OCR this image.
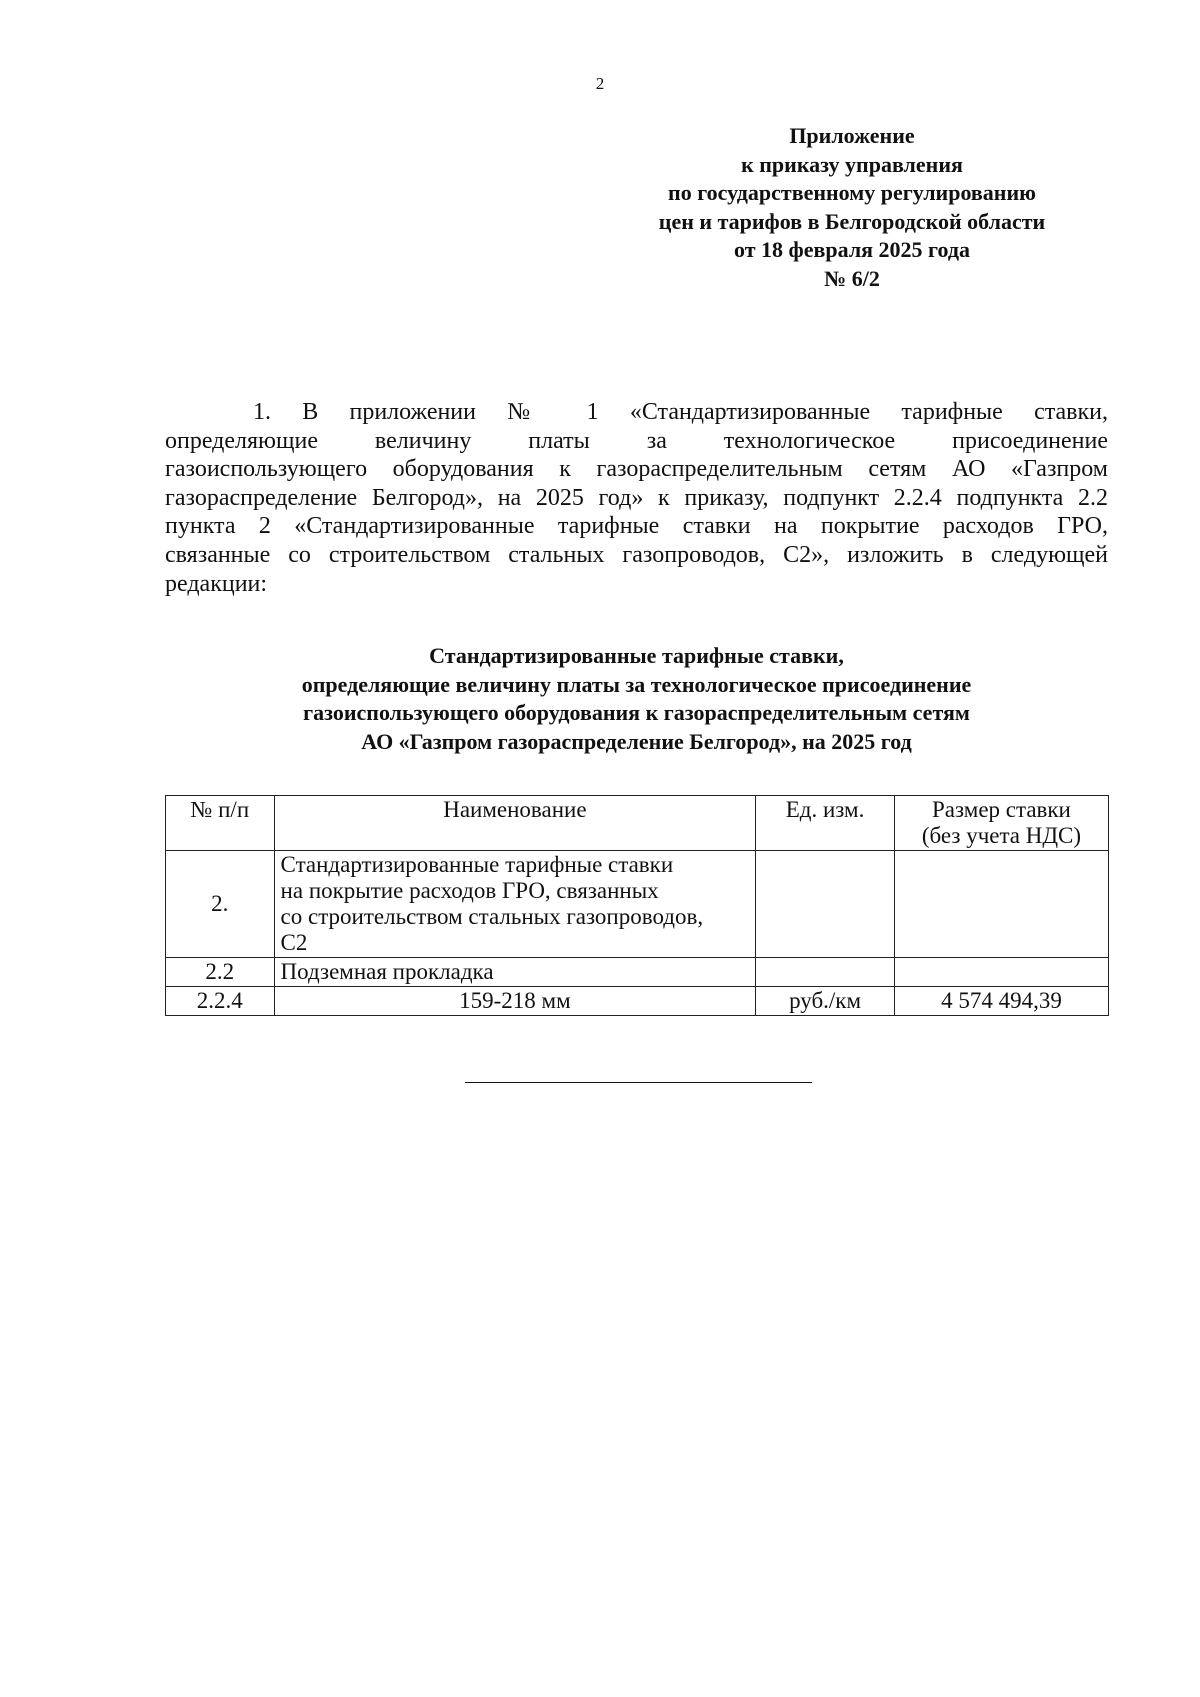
2
Приложение
к приказу управления
по государственному регулированию
цен и тарифов в Белгородской области
от 18 февраля 2025 года
№ 6/2
1. В приложении № 1 «Стандартизированные тарифные ставки,
определяющие величину платы за технологическое присоединение
газоиспользующего оборудования к газораспределительным сетям АО «Газпром
газораспределение Белгород», на 2025 год» к приказу, подпункт 2.2.4 подпункта 2.2
пункта 2 «Стандартизированные тарифные ставки на покрытие расходов ГРО,
связанные со строительством стальных газопроводов, С2», изложить в следующей
редакции:
Стандартизированные тарифные ставки,
определяющие величину платы за технологическое присоединение
газоиспользующего оборудования к газораспределительным сетям
АО «Газпром газораспределение Белгород», на 2025 год
№ п/п	Наименование	Ед. изм.	Размер ставки
(без учета НДС)

2.	Стандартизированные тарифные ставки
на покрытие расходов ГРО, связанных
со строительством стальных газопроводов,
С2		

2.2	Подземная прокладка		
2.2.4	159-218 мм	руб./км	4 574 494,39
